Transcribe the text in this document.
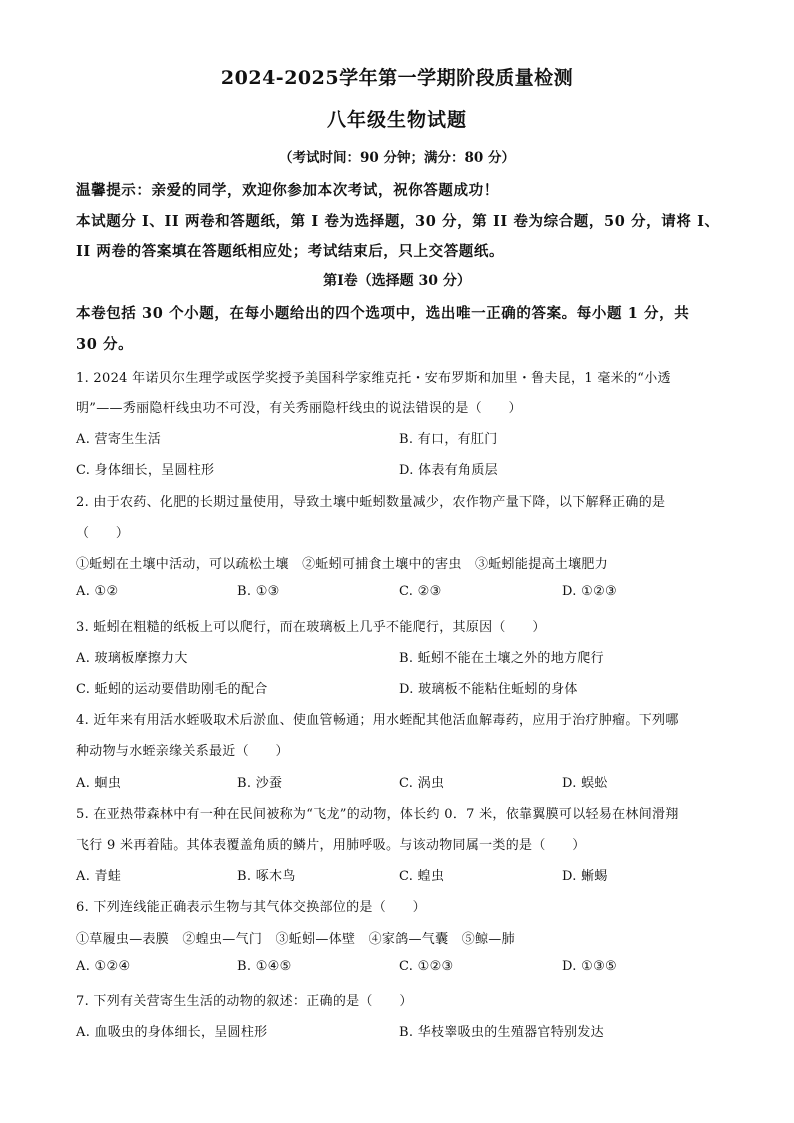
2024-2025学年第一学期阶段质量检测
八年级生物试题
（考试时间：90 分钟；满分：80 分）
温馨提示：亲爱的同学，欢迎你参加本次考试，祝你答题成功！
本试题分 I、II 两卷和答题纸，第 I 卷为选择题，30 分，第 II 卷为综合题，50 分，请将 I、
II 两卷的答案填在答题纸相应处；考试结束后，只上交答题纸。
第Ⅰ卷（选择题 30 分）
本卷包括 30 个小题，在每小题给出的四个选项中，选出唯一正确的答案。每小题 1 分，共
30 分。
1. 2024 年诺贝尔生理学或医学奖授予美国科学家维克托・安布罗斯和加里・鲁夫昆，1 毫米的“小透
明”——秀丽隐杆线虫功不可没，有关秀丽隐杆线虫的说法错误的是（　　）
A. 营寄生生活	B. 有口，有肛门
C. 身体细长，呈圆柱形	D. 体表有角质层
2. 由于农药、化肥的长期过量使用，导致土壤中蚯蚓数量减少，农作物产量下降，以下解释正确的是
（　　）
①蚯蚓在土壤中活动，可以疏松土壤　②蚯蚓可捕食土壤中的害虫　③蚯蚓能提高土壤肥力
A. ①②	B. ①③	C. ②③	D. ①②③
3. 蚯蚓在粗糙的纸板上可以爬行，而在玻璃板上几乎不能爬行，其原因（　　）
A. 玻璃板摩擦力大	B. 蚯蚓不能在土壤之外的地方爬行
C. 蚯蚓的运动要借助刚毛的配合	D. 玻璃板不能粘住蚯蚓的身体
4. 近年来有用活水蛭吸取术后淤血、使血管畅通；用水蛭配其他活血解毒药，应用于治疗肿瘤。下列哪
种动物与水蛭亲缘关系最近（　　）
A. 蛔虫	B. 沙蚕	C. 涡虫	D. 蜈蚣
5. 在亚热带森林中有一种在民间被称为“飞龙”的动物，体长约 0．7 米，依靠翼膜可以轻易在林间滑翔
飞行 9 米再着陆。其体表覆盖角质的鳞片，用肺呼吸。与该动物同属一类的是（　　）
A. 青蛙	B. 啄木鸟	C. 蝗虫	D. 蜥蜴
6. 下列连线能正确表示生物与其气体交换部位的是（　　）
①草履虫—表膜　②蝗虫—气门　③蚯蚓—体壁　④家鸽—气囊　⑤鲸—肺
A. ①②④	B. ①④⑤	C. ①②③	D. ①③⑤
7. 下列有关营寄生生活的动物的叙述：正确的是（　　）
A. 血吸虫的身体细长，呈圆柱形	B. 华枝睾吸虫的生殖器官特别发达
